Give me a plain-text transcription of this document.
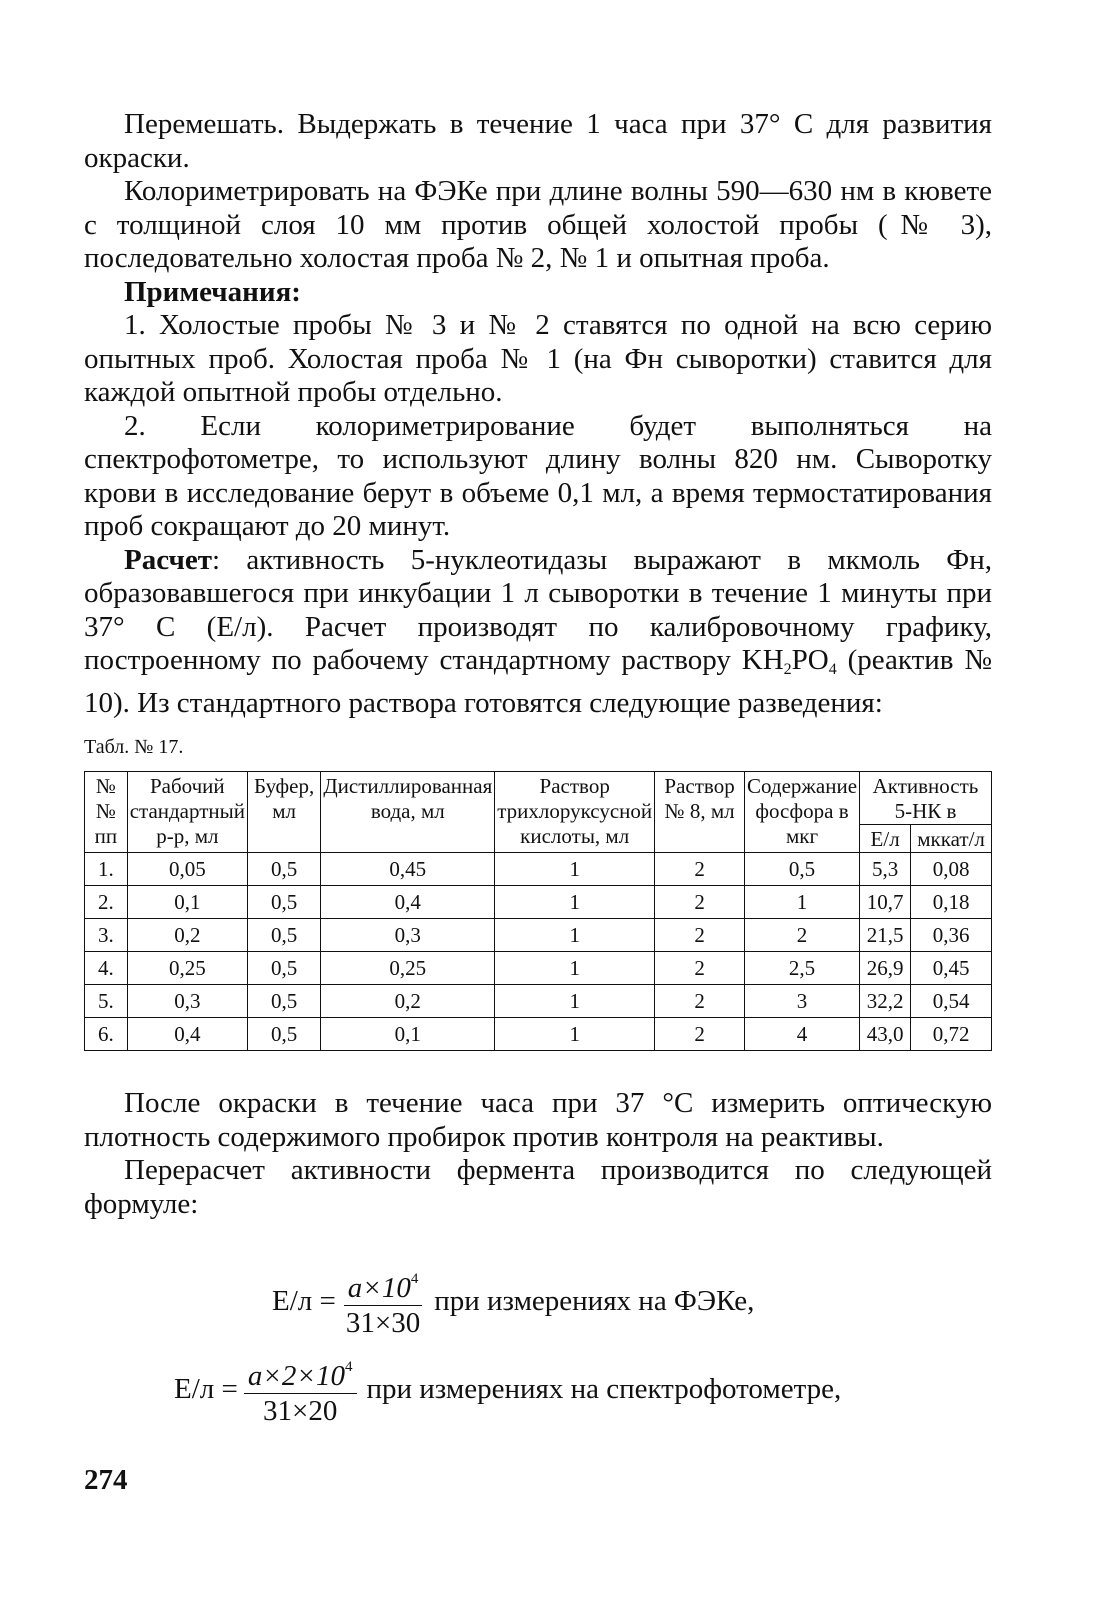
Перемешать. Выдержать в течение 1 часа при 37° С для развития окраски.

Колориметрировать на ФЭКе при длине волны 590—630 нм в кювете с толщиной слоя 10 мм против общей холостой пробы (№ 3), последовательно холостая проба № 2, № 1 и опытная проба.

Примечания:

1. Холостые пробы № 3 и № 2 ставятся по одной на всю серию опытных проб. Холостая проба № 1 (на Фн сыворотки) ставится для каждой опытной пробы отдельно.

2. Если колориметрирование будет выполняться на спектрофотометре, то используют длину волны 820 нм. Сыворотку крови в исследование берут в объеме 0,1 мл, а время термостатирования проб сокращают до 20 минут.

Расчет: активность 5-нуклеотидазы выражают в мкмоль Фн, образовавшегося при инкубации 1 л сыворотки в течение 1 минуты при 37° С (Е/л). Расчет производят по калибровочному графику, построенному по рабочему стандартному раствору $KH_2PO_4$ (реактив № 10). Из стандартного раствора готовятся следующие разведения:

Табл. № 17.
№№ пп	Рабочий стандартный р-р, мл	Буфер, мл	Дистиллированная вода, мл	Раствор трихлоруксусной кислоты, мл	Раствор № 8, мл	Содержание фосфора в мкг	Активность 5-НК в	
							Е/л	мккат/л
1.	0,05	0,5	0,45	1	2	0,5	5,3	0,08
2.	0,1	0,5	0,4	1	2	1	10,7	0,18
3.	0,2	0,5	0,3	1	2	2	21,5	0,36
4.	0,25	0,5	0,25	1	2	2,5	26,9	0,45
5.	0,3	0,5	0,2	1	2	3	32,2	0,54
6.	0,4	0,5	0,1	1	2	4	43,0	0,72

После окраски в течение часа при 37 °С измерить оптическую плотность содержимого пробирок против контроля на реактивы.

Перерасчет активности фермента производится по следующей формуле:

$Е/л = \frac{a\times 10^4}{31\times 30}$ при измерениях на ФЭКе,
$Е/л = \frac{a\times 2\times 10^4}{31\times 20}$ при измерениях на спектрофотометре,
274
